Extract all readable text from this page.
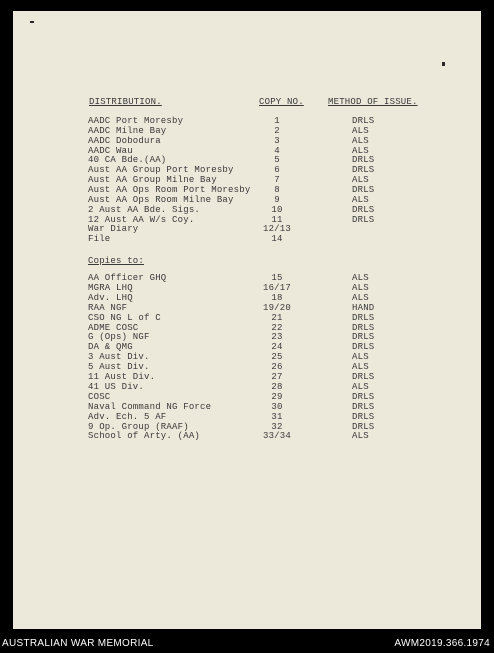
DISTRIBUTION.	COPY NO.	METHOD OF ISSUE.
AADC Port Moresby	1	DRLS
AADC Milne Bay	2	ALS
AADC Dobodura	3	ALS
AADC Wau	4	ALS
40 CA Bde.(AA)	5	DRLS
Aust AA Group Port Moresby	6	DRLS
Aust AA Group Milne Bay	7	ALS
Aust AA Ops Room Port Moresby	8	DRLS
Aust AA Ops Room Milne Bay	9	ALS
2 Aust AA Bde. Sigs.	10	DRLS
12 Aust AA W/s Coy.	11	DRLS
War Diary	12/13
File	14
Copies to:
AA Officer GHQ	15	ALS
MGRA LHQ	16/17	ALS
Adv. LHQ	18	ALS
RAA NGF	19/20	HAND
CSO NG L of C	21	DRLS
ADME COSC	22	DRLS
G (Ops) NGF	23	DRLS
DA & QMG	24	DRLS
3 Aust Div.	25	ALS
5 Aust Div.	26	ALS
11 Aust Div.	27	DRLS
41 US Div.	28	ALS
COSC	29	DRLS
Naval Command NG Force	30	DRLS
Adv. Ech. 5 AF	31	DRLS
9 Op. Group (RAAF)	32	DRLS
School of Arty. (AA)	33/34	ALS
AUSTRALIAN WAR MEMORIAL	AWM2019.366.1974
